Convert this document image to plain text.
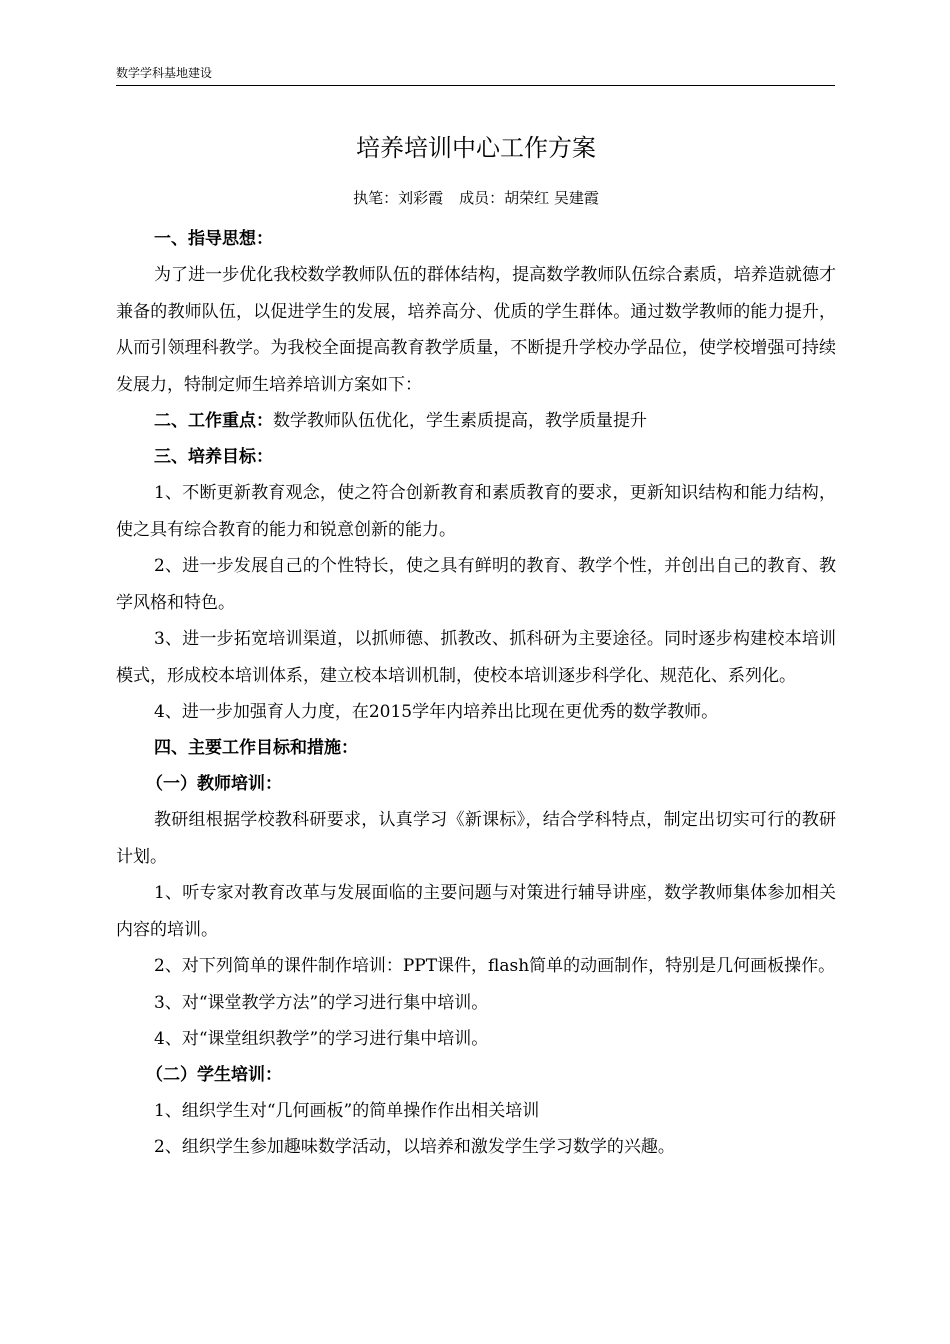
数学学科基地建设
培养培训中心工作方案
执笔：刘彩霞 成员：胡荣红 吴建霞

一、指导思想：

为了进一步优化我校数学教师队伍的群体结构，提高数学教师队伍综合素质，培养造就德才兼备的教师队伍，以促进学生的发展，培养高分、优质的学生群体。通过数学教师的能力提升，从而引领理科教学。为我校全面提高教育教学质量，不断提升学校办学品位，使学校增强可持续发展力，特制定师生培养培训方案如下：

二、工作重点：数学教师队伍优化，学生素质提高，教学质量提升

三、培养目标：

1、不断更新教育观念，使之符合创新教育和素质教育的要求，更新知识结构和能力结构，使之具有综合教育的能力和锐意创新的能力。

2、进一步发展自己的个性特长，使之具有鲜明的教育、教学个性，并创出自己的教育、教学风格和特色。

3、进一步拓宽培训渠道，以抓师德、抓教改、抓科研为主要途径。同时逐步构建校本培训模式，形成校本培训体系，建立校本培训机制，使校本培训逐步科学化、规范化、系列化。

4、进一步加强育人力度，在2015学年内培养出比现在更优秀的数学教师。

四、主要工作目标和措施：

（一）教师培训：

教研组根据学校教科研要求，认真学习《新课标》，结合学科特点，制定出切实可行的教研计划。

1、听专家对教育改革与发展面临的主要问题与对策进行辅导讲座，数学教师集体参加相关内容的培训。

2、对下列简单的课件制作培训：PPT课件，flash简单的动画制作，特别是几何画板操作。

3、对“课堂教学方法”的学习进行集中培训。

4、对“课堂组织教学”的学习进行集中培训。

（二）学生培训：

1、组织学生对“几何画板”的简单操作作出相关培训

2、组织学生参加趣味数学活动，以培养和激发学生学习数学的兴趣。
